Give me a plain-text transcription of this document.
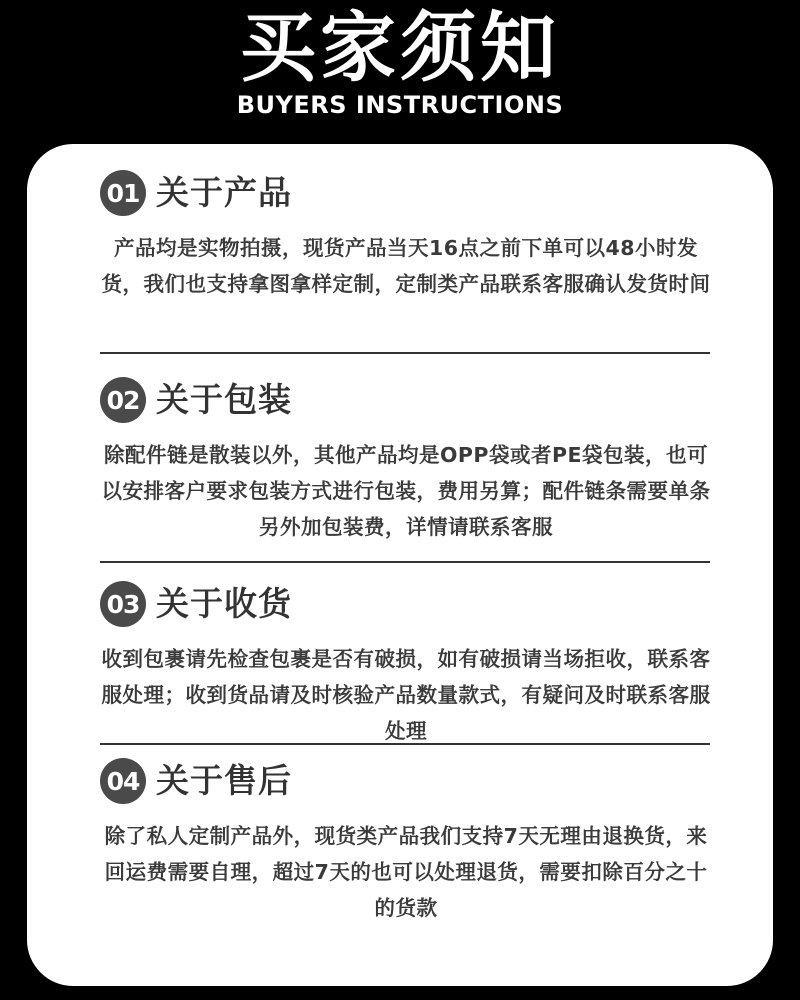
买家须知
BUYERS INSTRUCTIONS
01 关于产品
产品均是实物拍摄，现货产品当天16点之前下单可以48小时发货，我们也支持拿图拿样定制，定制类产品联系客服确认发货时间
02 关于包装
除配件链是散装以外，其他产品均是OPP袋或者PE袋包装，也可以安排客户要求包装方式进行包装，费用另算；配件链条需要单条另外加包装费，详情请联系客服
03 关于收货
收到包裹请先检查包裹是否有破损，如有破损请当场拒收，联系客服处理；收到货品请及时核验产品数量款式，有疑问及时联系客服处理
04 关于售后
除了私人定制产品外，现货类产品我们支持7天无理由退换货，来回运费需要自理，超过7天的也可以处理退货，需要扣除百分之十的货款
